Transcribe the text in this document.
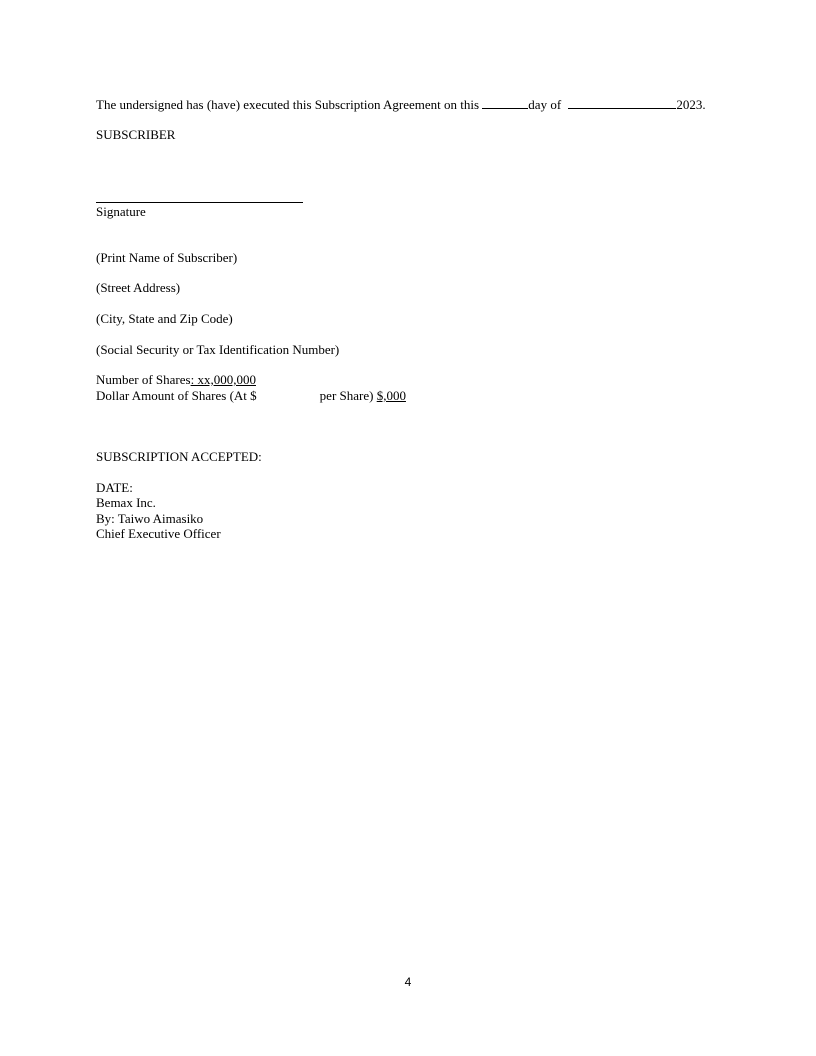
The undersigned has (have) executed this Subscription Agreement on this	day of	2023.
SUBSCRIBER
Signature
(Print Name of Subscriber)
(Street Address)
(City, State and Zip Code)
(Social Security or Tax Identification Number)
Number of Shares: xx,000,000
Dollar Amount of Shares (At $	per Share) $,000
SUBSCRIPTION ACCEPTED:
DATE:
Bemax Inc.
By: Taiwo Aimasiko
Chief Executive Officer
4
